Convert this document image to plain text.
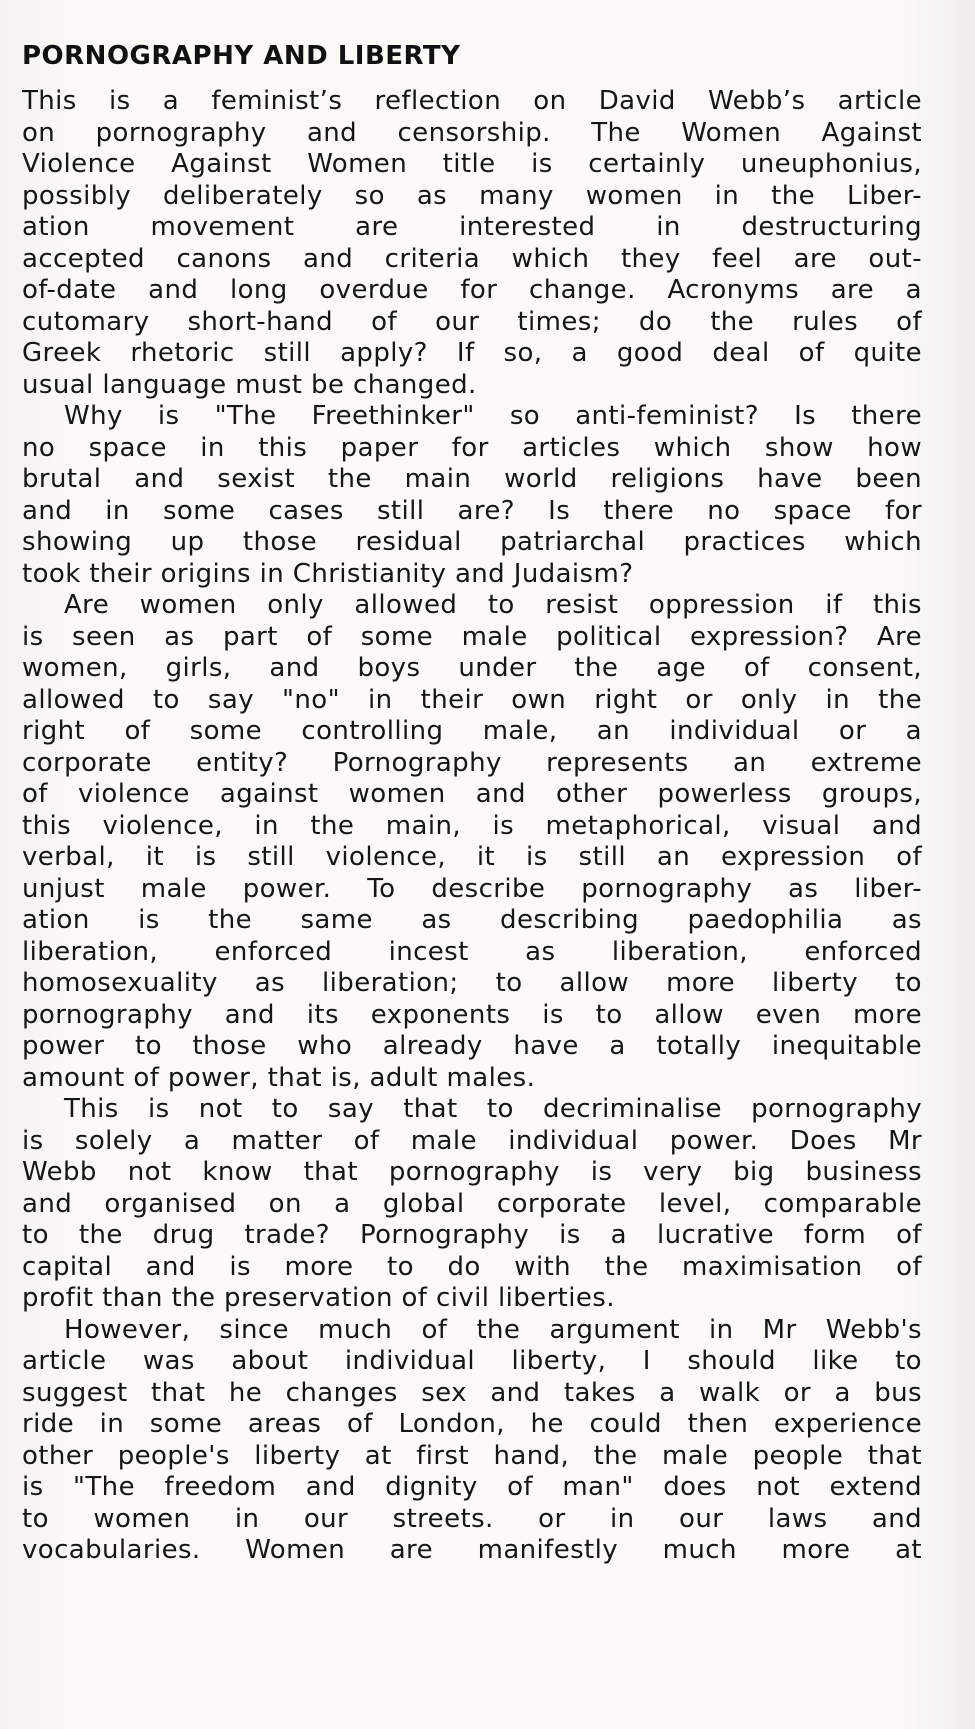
PORNOGRAPHY AND LIBERTY
This is a feminist’s reflection on David Webb’s article
on pornography and censorship. The Women Against
Violence Against Women title is certainly uneuphonius,
possibly deliberately so as many women in the Liber-
ation movement are interested in destructuring
accepted canons and criteria which they feel are out-
of-date and long overdue for change. Acronyms are a
cutomary short-hand of our times; do the rules of
Greek rhetoric still apply? If so, a good deal of quite
usual language must be changed.
Why is "The Freethinker" so anti-feminist? Is there
no space in this paper for articles which show how
brutal and sexist the main world religions have been
and in some cases still are? Is there no space for
showing up those residual patriarchal practices which
took their origins in Christianity and Judaism?
Are women only allowed to resist oppression if this
is seen as part of some male political expression? Are
women, girls, and boys under the age of consent,
allowed to say "no" in their own right or only in the
right of some controlling male, an individual or a
corporate entity? Pornography represents an extreme
of violence against women and other powerless groups,
this violence, in the main, is metaphorical, visual and
verbal, it is still violence, it is still an expression of
unjust male power. To describe pornography as liber-
ation is the same as describing paedophilia as
liberation, enforced incest as liberation, enforced
homosexuality as liberation; to allow more liberty to
pornography and its exponents is to allow even more
power to those who already have a totally inequitable
amount of power, that is, adult males.
This is not to say that to decriminalise pornography
is solely a matter of male individual power. Does Mr
Webb not know that pornography is very big business
and organised on a global corporate level, comparable
to the drug trade? Pornography is a lucrative form of
capital and is more to do with the maximisation of
profit than the preservation of civil liberties.
However, since much of the argument in Mr Webb's
article was about individual liberty, I should like to
suggest that he changes sex and takes a walk or a bus
ride in some areas of London, he could then experience
other people's liberty at first hand, the male people that
is "The freedom and dignity of man" does not extend
to women in our streets. or in our laws and
vocabularies. Women are manifestly much more at
